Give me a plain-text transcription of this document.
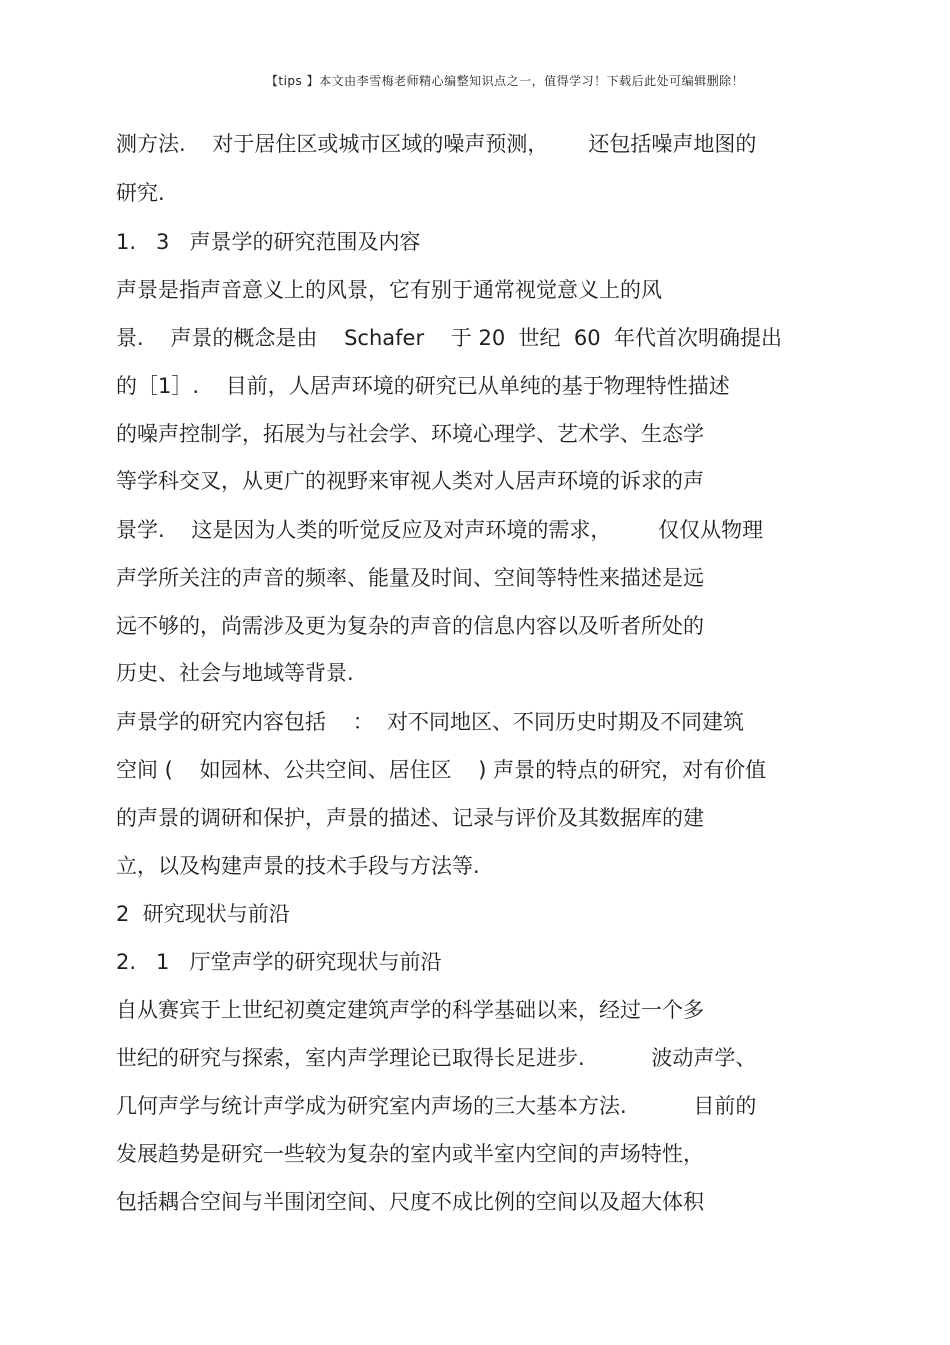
【tips 】本文由李雪梅老师精心编整知识点之一，值得学习！下载后此处可编辑删除！
测方法.    对于居住区或城市区域的噪声预测，      还包括噪声地图的
研究.
1.   3   声景学的研究范围及内容
声景是指声音意义上的风景，它有别于通常视觉意义上的风
景.    声景的概念是由    Schafer    于 20  世纪  60  年代首次明确提出
的［1］.    目前，人居声环境的研究已从单纯的基于物理特性描述
的噪声控制学，拓展为与社会学、环境心理学、艺术学、生态学
等学科交叉，从更广的视野来审视人类对人居声环境的诉求的声
景学.    这是因为人类的听觉反应及对声环境的需求，       仅仅从物理
声学所关注的声音的频率、能量及时间、空间等特性来描述是远
远不够的，尚需涉及更为复杂的声音的信息内容以及听者所处的
历史、社会与地域等背景.
声景学的研究内容包括    ：  对不同地区、不同历史时期及不同建筑
空间 (    如园林、公共空间、居住区    ) 声景的特点的研究，对有价值
的声景的调研和保护，声景的描述、记录与评价及其数据库的建
立，以及构建声景的技术手段与方法等.
2  研究现状与前沿
2.   1   厅堂声学的研究现状与前沿
自从赛宾于上世纪初奠定建筑声学的科学基础以来，经过一个多
世纪的研究与探索，室内声学理论已取得长足进步.          波动声学、
几何声学与统计声学成为研究室内声场的三大基本方法.          目前的
发展趋势是研究一些较为复杂的室内或半室内空间的声场特性，
包括耦合空间与半围闭空间、尺度不成比例的空间以及超大体积
